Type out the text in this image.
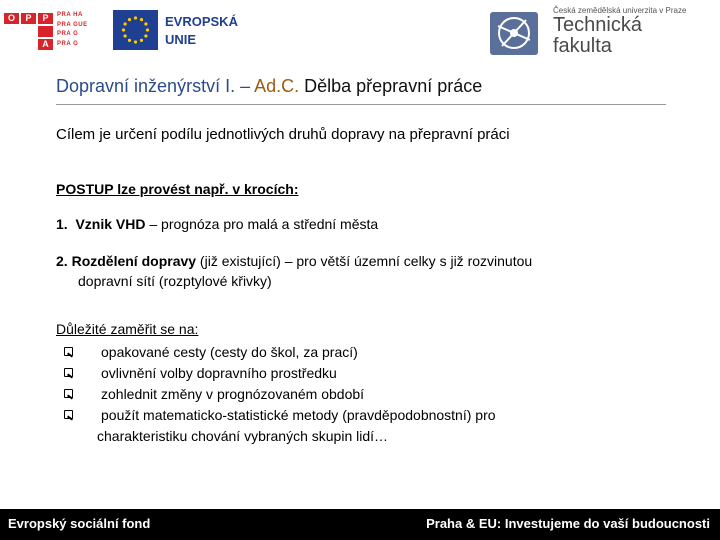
O	P	P
A
PRA HA
PRA GUE
PRA G
PRA G
EVROPSKÁ
UNIE
Česká zemědělská univerzita v Praze
Technická
fakulta
Dopravní inženýrství I. – Ad.C. Dělba přepravní práce
Cílem je určení podílu jednotlivých druhů dopravy na přepravní práci
POSTUP lze provést např. v krocích:
1. Vznik VHD – prognóza pro malá a střední města
2. Rozdělení dopravy (již existující) – pro větší územní celky s již rozvinutou
dopravní sítí (rozptylové křivky)
Důležité zaměřit se na:
opakované cesty (cesty do škol, za prací)
ovlivnění volby dopravního prostředku
zohlednit změny v prognózovaném období
použít matematicko-statistické metody (pravděpodobnostní) pro
charakteristiku chování vybraných skupin lidí…
Evropský sociální fond	Praha & EU: Investujeme do vaší budoucnosti
